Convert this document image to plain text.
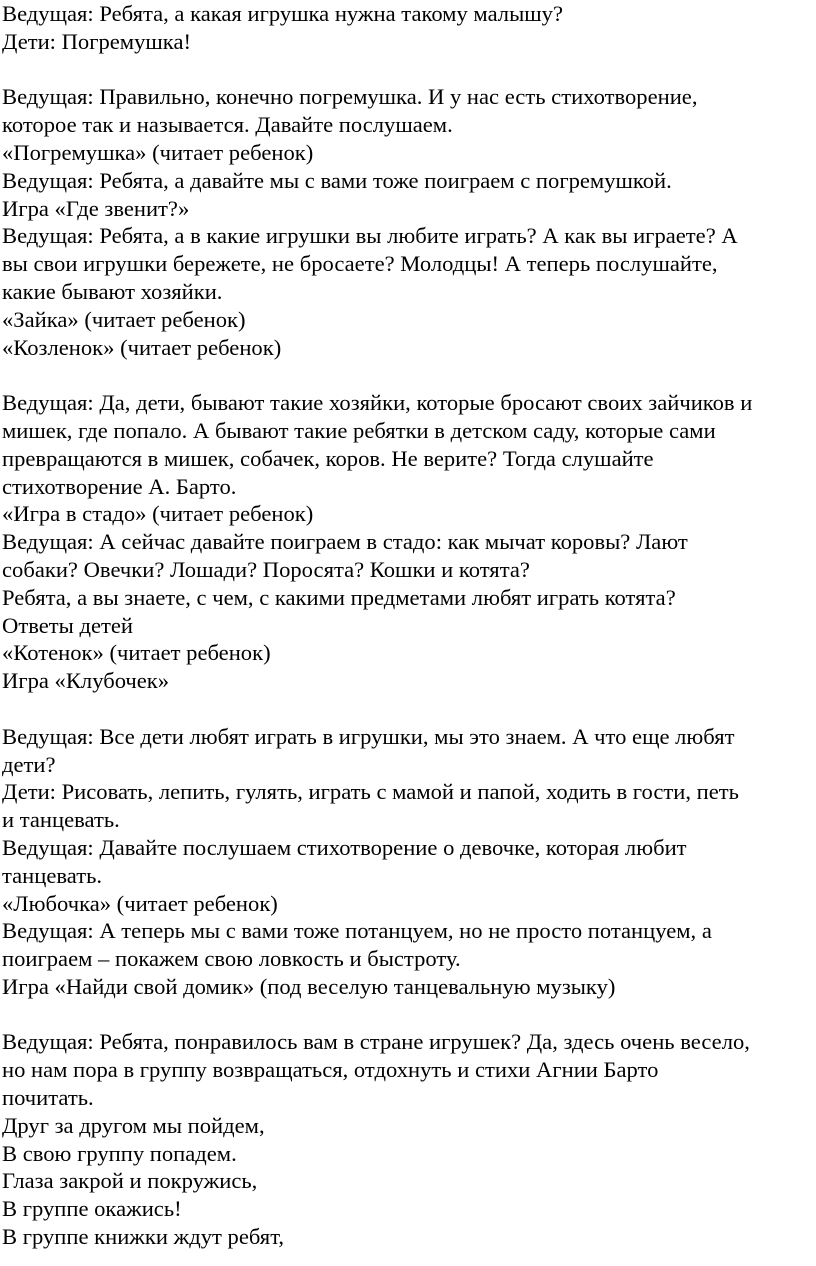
Ведущая: Ребята, а какая игрушка нужна такому малышу?
Дети: Погремушка!
Ведущая: Правильно, конечно погремушка. И у нас есть стихотворение,
которое так и называется. Давайте послушаем.
«Погремушка» (читает ребенок)
Ведущая: Ребята, а давайте мы с вами тоже поиграем с погремушкой.
Игра «Где звенит?»
Ведущая: Ребята, а в какие игрушки вы любите играть? А как вы играете? А
вы свои игрушки бережете, не бросаете? Молодцы! А теперь послушайте,
какие бывают хозяйки.
«Зайка» (читает ребенок)
«Козленок» (читает ребенок)
Ведущая: Да, дети, бывают такие хозяйки, которые бросают своих зайчиков и
мишек, где попало. А бывают такие ребятки в детском саду, которые сами
превращаются в мишек, собачек, коров. Не верите? Тогда слушайте
стихотворение А. Барто.
«Игра в стадо» (читает ребенок)
Ведущая: А сейчас давайте поиграем в стадо: как мычат коровы? Лают
собаки? Овечки? Лошади? Поросята? Кошки и котята?
Ребята, а вы знаете, с чем, с какими предметами любят играть котята?
Ответы детей
«Котенок» (читает ребенок)
Игра «Клубочек»
Ведущая: Все дети любят играть в игрушки, мы это знаем. А что еще любят
дети?
Дети: Рисовать, лепить, гулять, играть с мамой и папой, ходить в гости, петь
и танцевать.
Ведущая: Давайте послушаем стихотворение о девочке, которая любит
танцевать.
«Любочка» (читает ребенок)
Ведущая: А теперь мы с вами тоже потанцуем, но не просто потанцуем, а
поиграем – покажем свою ловкость и быстроту.
Игра «Найди свой домик» (под веселую танцевальную музыку)
Ведущая: Ребята, понравилось вам в стране игрушек? Да, здесь очень весело,
но нам пора в группу возвращаться, отдохнуть и стихи Агнии Барто
почитать.
Друг за другом мы пойдем,
В свою группу попадем.
Глаза закрой и покружись,
В группе окажись!
В группе книжки ждут ребят,
